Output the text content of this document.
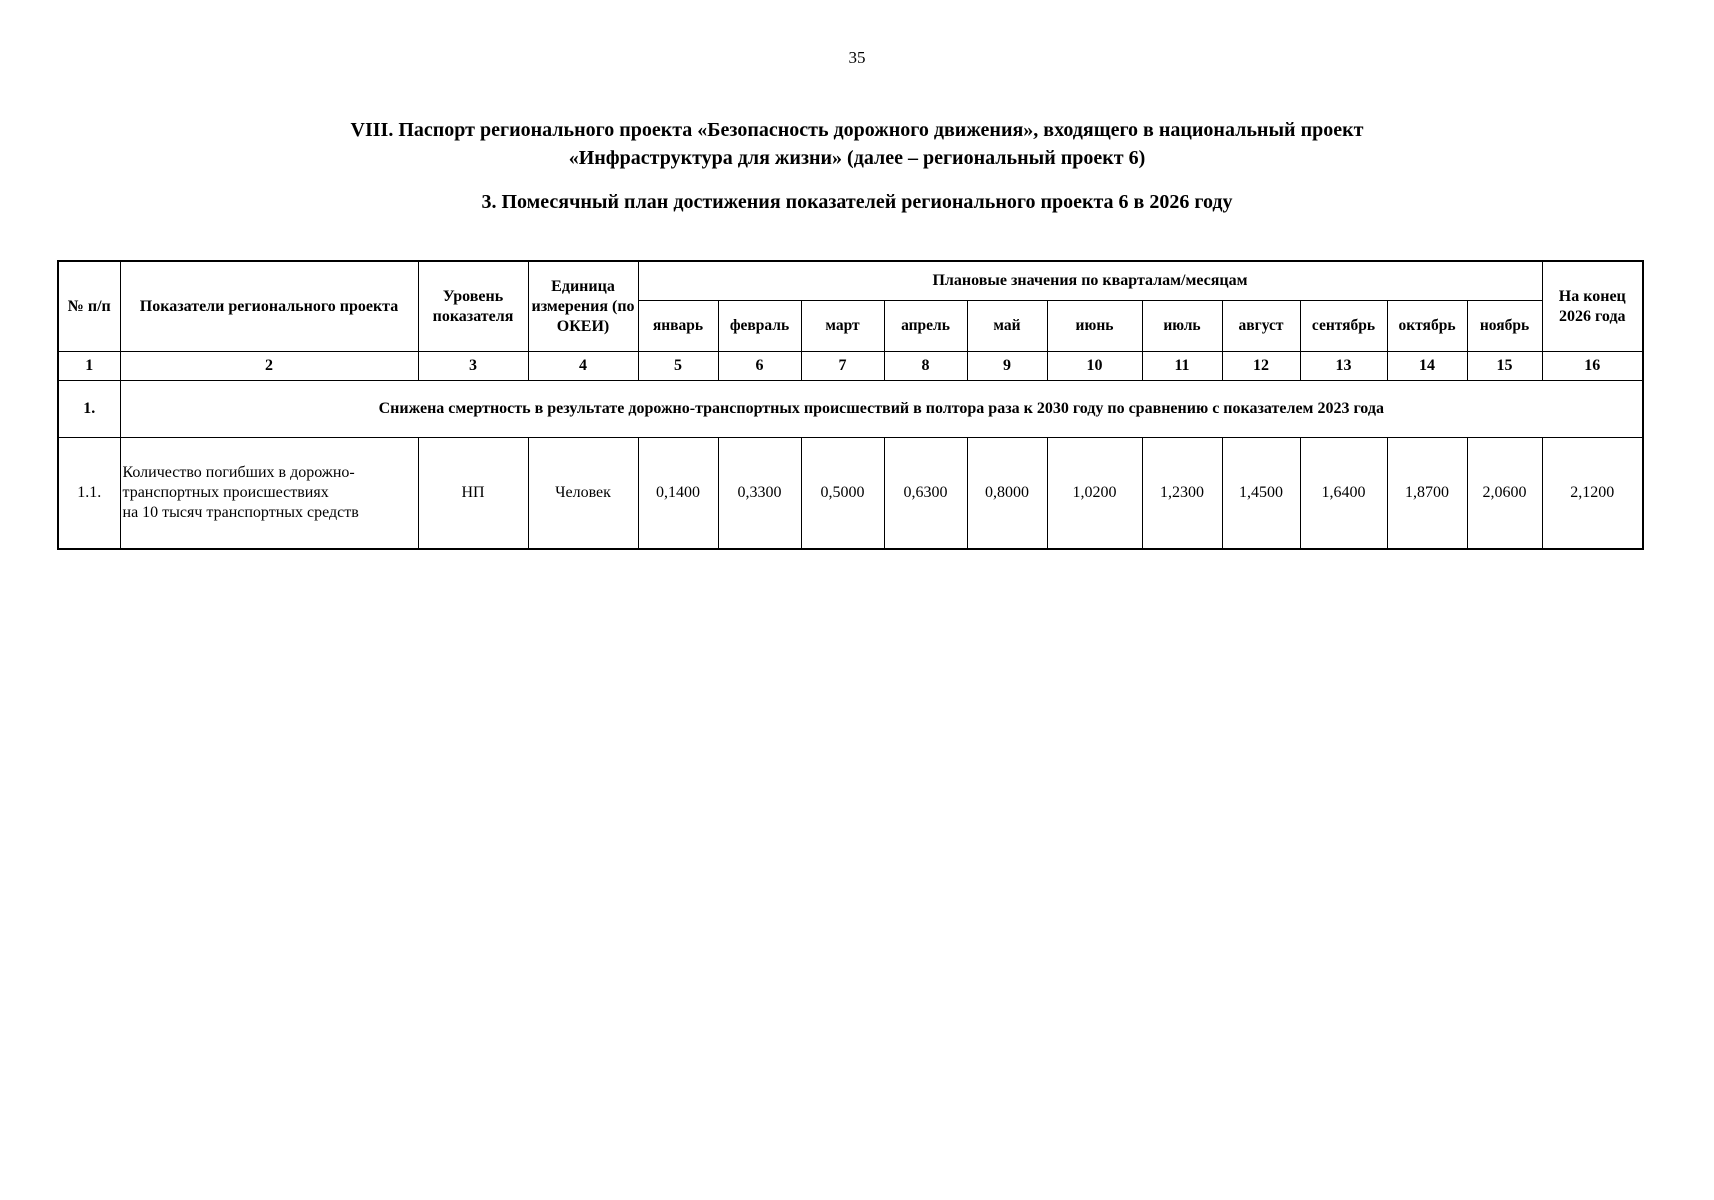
35
VIII. Паспорт регионального проекта «Безопасность дорожного движения», входящего в национальный проект
«Инфраструктура для жизни» (далее – региональный проект 6)
3. Помесячный план достижения показателей регионального проекта 6 в 2026 году
№ п/п	Показатели регионального проекта	Уровень показателя	Единица измерения (по ОКЕИ)	Плановые значения по кварталам/месяцам											На конец 2026 года
				январь	февраль	март	апрель	май	июнь	июль	август	сентябрь	октябрь	ноябрь	
1	2	3	4	5	6	7	8	9	10	11	12	13	14	15	16
1.	Снижена смертность в результате дорожно-транспортных происшествий в полтора раза к 2030 году по сравнению с показателем 2023 года														
1.1.	Количество погибших в дорожно-
транспортных происшествиях
на 10 тысяч транспортных средств	НП	Человек	0,1400	0,3300	0,5000	0,6300	0,8000	1,0200	1,2300	1,4500	1,6400	1,8700	2,0600	2,1200
